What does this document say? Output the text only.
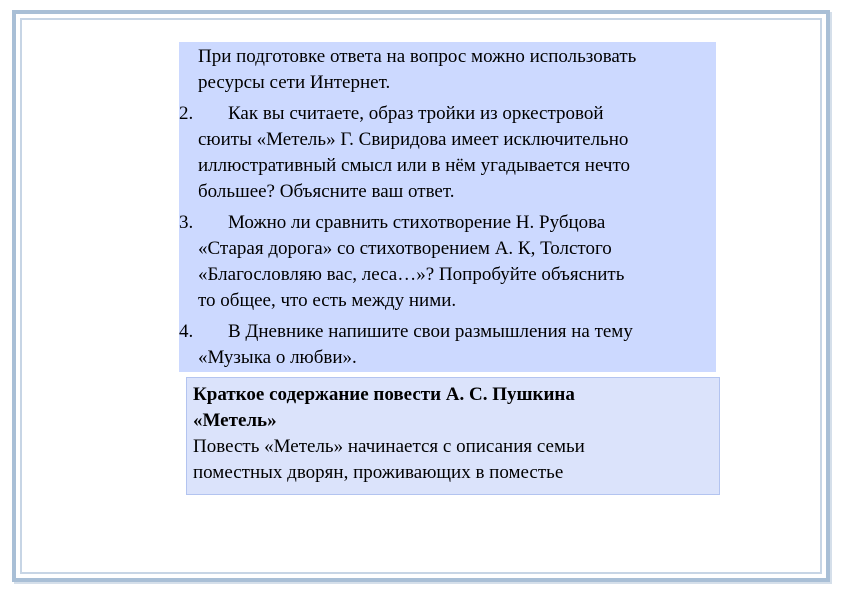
При подготовке ответа на вопрос можно использовать
ресурсы сети Интернет.
2.	Как вы считаете, образ тройки из оркестровой
сюиты «Метель» Г. Свиридова имеет исключительно
иллюстративный смысл или в нём угадывается нечто
большее? Объясните ваш ответ.
3.	Можно ли сравнить стихотворение Н. Рубцова
«Старая дорога» со стихотворением А. К, Толстого
«Благословляю вас, леса…»? Попробуйте объяснить
то общее, что есть между ними.
4.	В Дневнике напишите свои размышления на тему
«Музыка о любви».
Краткое содержание повести А. С. Пушкина
«Метель»
Повесть «Метель» начинается с описания семьи
поместных дворян, проживающих в поместье
